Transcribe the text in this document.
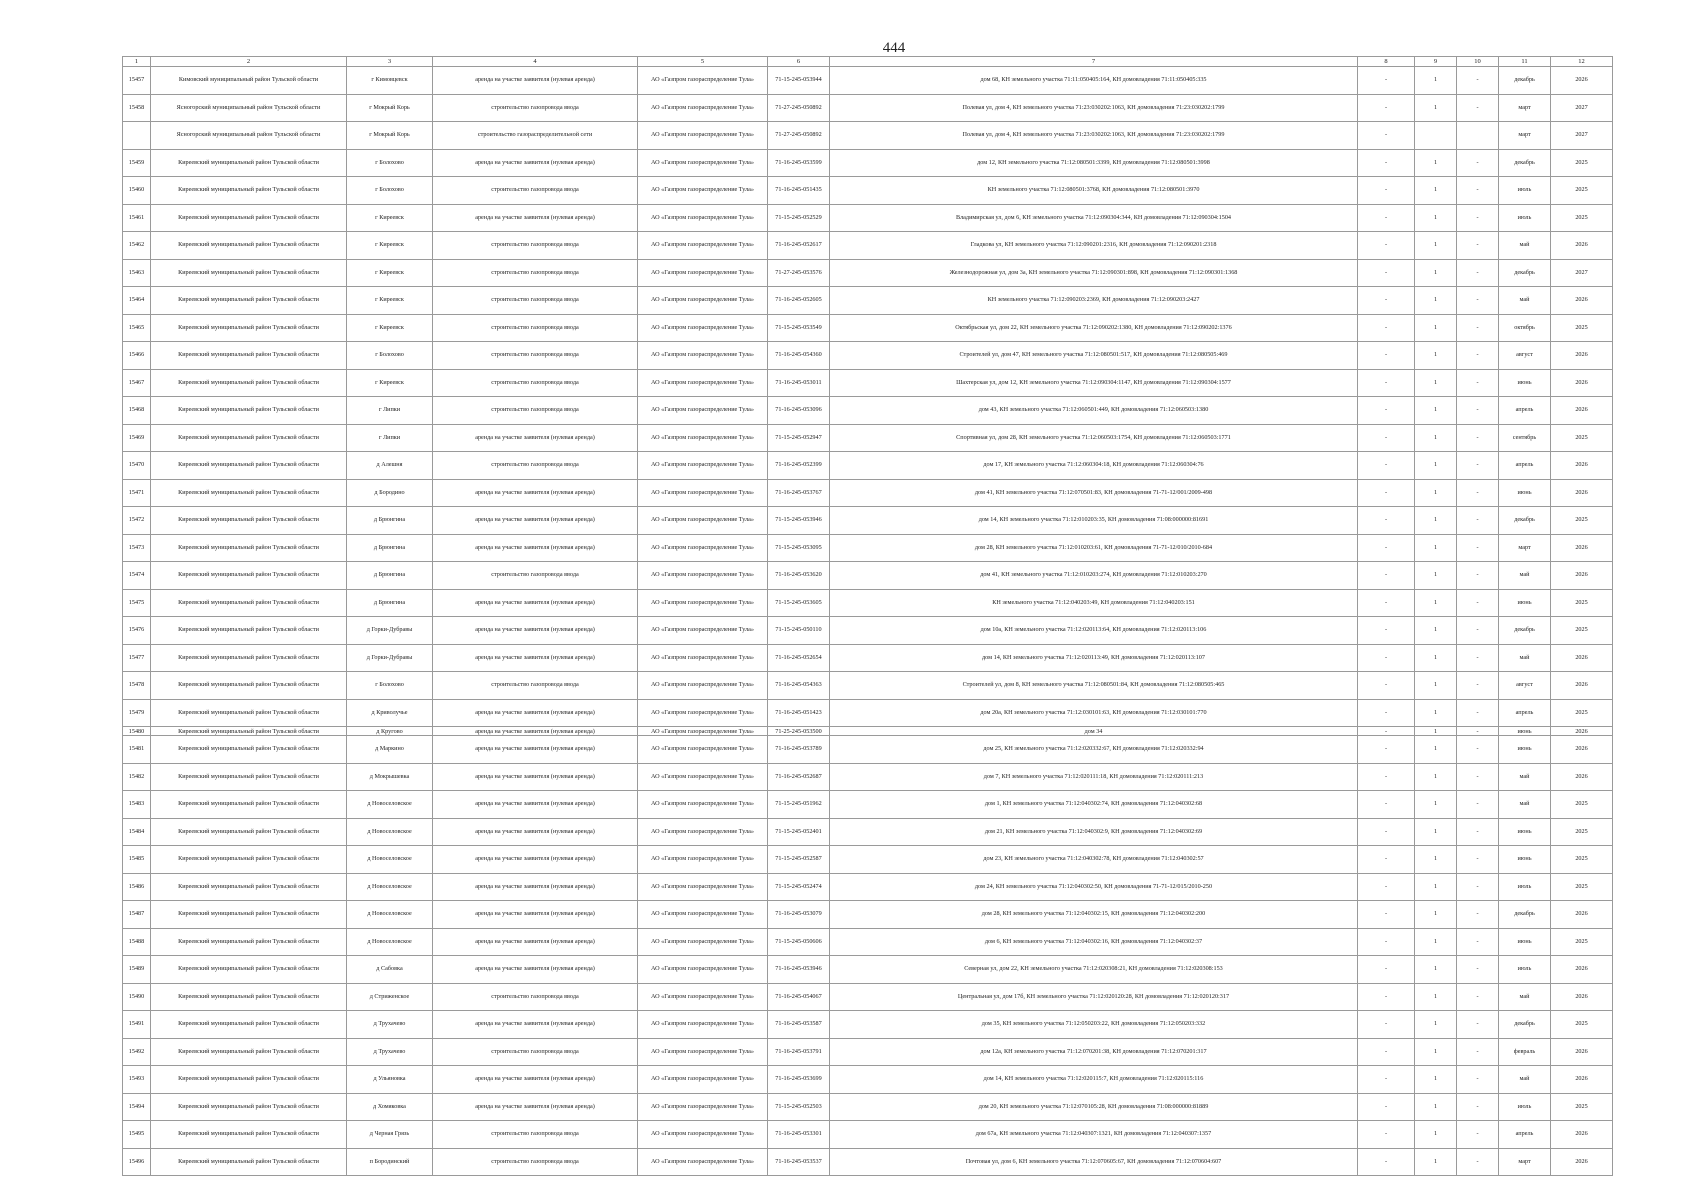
444
1	2	3	4	5	6	7	8	9	10	11	12
15457	Кимовский муниципальный район Тульской области	г Кимовцевск	аренда на участке заявителя (нулевая аренда)	АО «Газпром газораспределение Тула»	71-15-245-053944	дом 68, КН земельного участка 71:11:050405:164, КН домовладения 71:11:050405:335	-	1	-	декабрь	2026
15458	Ясногорский муниципальный район Тульской области	г Мокрый Корь	строительство газопровода ввода	АО «Газпром газораспределение Тула»	71-27-245-050892	Полевая ул, дом 4, КН земельного участка 71:23:030202:1063, КН домовладения 71:23:030202:1799	-	1	-	март	2027
	Ясногорский муниципальный район Тульской области	г Мокрый Корь	строительство газораспределительной сети	АО «Газпром газораспределение Тула»	71-27-245-050892	Полевая ул, дом 4, КН земельного участка 71:23:030202:1063, КН домовладения 71:23:030202:1799	-			март	2027
15459	Киреевский муниципальный район Тульской области	г Болохово	аренда на участке заявителя (нулевая аренда)	АО «Газпром газораспределение Тула»	71-16-245-053599	дом 12, КН земельного участка 71:12:080501:3399, КН домовладения 71:12:080501:3998	-	1	-	декабрь	2025
15460	Киреевский муниципальный район Тульской области	г Болохово	строительство газопровода ввода	АО «Газпром газораспределение Тула»	71-16-245-051435	КН земельного участка 71:12:080501:3768, КН домовладения 71:12:080501:3970	-	1	-	июль	2025
15461	Киреевский муниципальный район Тульской области	г Киреевск	аренда на участке заявителя (нулевая аренда)	АО «Газпром газораспределение Тула»	71-15-245-052529	Владимирская ул, дом 6, КН земельного участка 71:12:090304:344, КН домовладения 71:12:090304:1504	-	1	-	июль	2025
15462	Киреевский муниципальный район Тульской области	г Киреевск	строительство газопровода ввода	АО «Газпром газораспределение Тула»	71-16-245-052617	Гладкова ул, КН земельного участка 71:12:090201:2316, КН домовладения 71:12:090201:2318	-	1	-	май	2026
15463	Киреевский муниципальный район Тульской области	г Киреевск	строительство газопровода ввода	АО «Газпром газораспределение Тула»	71-27-245-053576	Железнодорожная ул, дом 3а, КН земельного участка 71:12:090301:898, КН домовладения 71:12:090301:1368	-	1	-	декабрь	2027
15464	Киреевский муниципальный район Тульской области	г Киреевск	строительство газопровода ввода	АО «Газпром газораспределение Тула»	71-16-245-052605	КН земельного участка 71:12:090203:2369, КН домовладения 71:12:090203:2427	-	1	-	май	2026
15465	Киреевский муниципальный район Тульской области	г Киреевск	строительство газопровода ввода	АО «Газпром газораспределение Тула»	71-15-245-053549	Октябрьская ул, дом 22, КН земельного участка 71:12:090202:1380, КН домовладения 71:12:090202:1376	-	1	-	октябрь	2025
15466	Киреевский муниципальный район Тульской области	г Болохово	строительство газопровода ввода	АО «Газпром газораспределение Тула»	71-16-245-054360	Строителей ул, дом 47, КН земельного участка 71:12:080501:517, КН домовладения 71:12:080505:469	-	1	-	август	2026
15467	Киреевский муниципальный район Тульской области	г Киреевск	строительство газопровода ввода	АО «Газпром газораспределение Тула»	71-16-245-053011	Шахтерская ул, дом 12, КН земельного участка 71:12:090304:1147, КН домовладения 71:12:090304:1577	-	1	-	июнь	2026
15468	Киреевский муниципальный район Тульской области	г Липки	строительство газопровода ввода	АО «Газпром газораспределение Тула»	71-16-245-053096	дом 43, КН земельного участка 71:12:060501:449, КН домовладения 71:12:060503:1380	-	1	-	апрель	2026
15469	Киреевский муниципальный район Тульской области	г Липки	аренда на участке заявителя (нулевая аренда)	АО «Газпром газораспределение Тула»	71-15-245-052947	Спортивная ул, дом 28, КН земельного участка 71:12:060503:1754, КН домовладения 71:12:060503:1771	-	1	-	сентябрь	2025
15470	Киреевский муниципальный район Тульской области	д Алешня	строительство газопровода ввода	АО «Газпром газораспределение Тула»	71-16-245-052399	дом 17, КН земельного участка 71:12:060304:18, КН домовладения 71:12:060304:76	-	1	-	апрель	2026
15471	Киреевский муниципальный район Тульской области	д Бородино	аренда на участке заявителя (нулевая аренда)	АО «Газпром газораспределение Тула»	71-16-245-053767	дом 41, КН земельного участка 71:12:070501:83, КН домовладения 71-71-12/001/2009-498	-	1	-	июнь	2026
15472	Киреевский муниципальный район Тульской области	д Брюнгина	аренда на участке заявителя (нулевая аренда)	АО «Газпром газораспределение Тула»	71-15-245-053946	дом 14, КН земельного участка 71:12:010203:35, КН домовладения 71:08:000000:81691	-	1	-	декабрь	2025
15473	Киреевский муниципальный район Тульской области	д Брюнгина	аренда на участке заявителя (нулевая аренда)	АО «Газпром газораспределение Тула»	71-15-245-053095	дом 28, КН земельного участка 71:12:010203:61, КН домовладения 71-71-12/010/2010-684	-	1	-	март	2026
15474	Киреевский муниципальный район Тульской области	д Брюнгина	строительство газопровода ввода	АО «Газпром газораспределение Тула»	71-16-245-053620	дом 41, КН земельного участка 71:12:010203:274, КН домовладения 71:12:010203:270	-	1	-	май	2026
15475	Киреевский муниципальный район Тульской области	д Брюнгина	аренда на участке заявителя (нулевая аренда)	АО «Газпром газораспределение Тула»	71-15-245-053605	КН земельного участка 71:12:040203:49, КН домовладения 71:12:040203:151	-	1	-	июнь	2025
15476	Киреевский муниципальный район Тульской области	д Горки-Дубравы	аренда на участке заявителя (нулевая аренда)	АО «Газпром газораспределение Тула»	71-15-245-050110	дом 10а, КН земельного участка 71:12:020113:64, КН домовладения 71:12:020113:106	-	1	-	декабрь	2025
15477	Киреевский муниципальный район Тульской области	д Горки-Дубравы	аренда на участке заявителя (нулевая аренда)	АО «Газпром газораспределение Тула»	71-16-245-052654	дом 14, КН земельного участка 71:12:020113:49, КН домовладения 71:12:020113:107	-	1	-	май	2026
15478	Киреевский муниципальный район Тульской области	г Болохово	строительство газопровода ввода	АО «Газпром газораспределение Тула»	71-16-245-054363	Строителей ул, дом 8, КН земельного участка 71:12:080501:84, КН домовладения 71:12:080505:465	-	1	-	август	2026
15479	Киреевский муниципальный район Тульской области	д Криволучье	аренда на участке заявителя (нулевая аренда)	АО «Газпром газораспределение Тула»	71-16-245-051423	дом 20а, КН земельного участка 71:12:030101:63, КН домовладения 71:12:030101:770	-	1	-	апрель	2025
15480	Киреевский муниципальный район Тульской области	д Кругово	аренда на участке заявителя (нулевая аренда)	АО «Газпром газораспределение Тула»	71-25-245-053500	дом 34	-	1	-	июнь	2026
15481	Киреевский муниципальный район Тульской области	д Маркино	аренда на участке заявителя (нулевая аренда)	АО «Газпром газораспределение Тула»	71-16-245-053789	дом 25, КН земельного участка 71:12:020332:67, КН домовладения 71:12:020332:94	-	1	-	июнь	2026
15482	Киреевский муниципальный район Тульской области	д Мокрышевка	аренда на участке заявителя (нулевая аренда)	АО «Газпром газораспределение Тула»	71-16-245-052687	дом 7, КН земельного участка 71:12:020111:18, КН домовладения 71:12:020111:213	-	1	-	май	2026
15483	Киреевский муниципальный район Тульской области	д Новоселовское	аренда на участке заявителя (нулевая аренда)	АО «Газпром газораспределение Тула»	71-15-245-051962	дом 1, КН земельного участка 71:12:040302:74, КН домовладения 71:12:040302:68	-	1	-	май	2025
15484	Киреевский муниципальный район Тульской области	д Новоселовское	аренда на участке заявителя (нулевая аренда)	АО «Газпром газораспределение Тула»	71-15-245-052401	дом 21, КН земельного участка 71:12:040302:9, КН домовладения 71:12:040302:69	-	1	-	июнь	2025
15485	Киреевский муниципальный район Тульской области	д Новоселовское	аренда на участке заявителя (нулевая аренда)	АО «Газпром газораспределение Тула»	71-15-245-052587	дом 23, КН земельного участка 71:12:040302:78, КН домовладения 71:12:040302:57	-	1	-	июнь	2025
15486	Киреевский муниципальный район Тульской области	д Новоселовское	аренда на участке заявителя (нулевая аренда)	АО «Газпром газораспределение Тула»	71-15-245-052474	дом 24, КН земельного участка 71:12:040302:50, КН домовладения 71-71-12/015/2010-250	-	1	-	июль	2025
15487	Киреевский муниципальный район Тульской области	д Новоселовское	аренда на участке заявителя (нулевая аренда)	АО «Газпром газораспределение Тула»	71-16-245-053079	дом 28, КН земельного участка 71:12:040302:15, КН домовладения 71:12:040302:200	-	1	-	декабрь	2026
15488	Киреевский муниципальный район Тульской области	д Новоселовское	аренда на участке заявителя (нулевая аренда)	АО «Газпром газораспределение Тула»	71-15-245-050606	дом 6, КН земельного участка 71:12:040302:16, КН домовладения 71:12:040302:37	-	1	-	июнь	2025
15489	Киреевский муниципальный район Тульской области	д Сабовка	аренда на участке заявителя (нулевая аренда)	АО «Газпром газораспределение Тула»	71-16-245-053946	Северная ул, дом 22, КН земельного участка 71:12:020308:21, КН домовладения 71:12:020308:153	-	1	-	июль	2026
15490	Киреевский муниципальный район Тульской области	д Стриженское	строительство газопровода ввода	АО «Газпром газораспределение Тула»	71-16-245-054067	Центральная ул, дом 17б, КН земельного участка 71:12:020120:28, КН домовладения 71:12:020120:317	-	1	-	май	2026
15491	Киреевский муниципальный район Тульской области	д Трухачево	аренда на участке заявителя (нулевая аренда)	АО «Газпром газораспределение Тула»	71-16-245-053587	дом 35, КН земельного участка 71:12:050203:22, КН домовладения 71:12:050203:332	-	1	-	декабрь	2025
15492	Киреевский муниципальный район Тульской области	д Трухачево	строительство газопровода ввода	АО «Газпром газораспределение Тула»	71-16-245-053791	дом 12а, КН земельного участка 71:12:070201:38, КН домовладения 71:12:070201:317	-	1	-	февраль	2026
15493	Киреевский муниципальный район Тульской области	д Ульяновка	аренда на участке заявителя (нулевая аренда)	АО «Газпром газораспределение Тула»	71-16-245-053699	дом 14, КН земельного участка 71:12:020115:7, КН домовладения 71:12:020115:116	-	1	-	май	2026
15494	Киреевский муниципальный район Тульской области	д Хомяковка	аренда на участке заявителя (нулевая аренда)	АО «Газпром газораспределение Тула»	71-15-245-052503	дом 20, КН земельного участка 71:12:070105:28, КН домовладения 71:08:000000:81889	-	1	-	июль	2025
15495	Киреевский муниципальный район Тульской области	д Черная Грязь	строительство газопровода ввода	АО «Газпром газораспределение Тула»	71-16-245-053301	дом 67а, КН земельного участка 71:12:040307:1321, КН домовладения 71:12:040307:1357	-	1	-	апрель	2026
15496	Киреевский муниципальный район Тульской области	п Бородинский	строительство газопровода ввода	АО «Газпром газораспределение Тула»	71-16-245-053537	Почтовая ул, дом 6, КН земельного участка 71:12:070605:67, КН домовладения 71:12:070604:607	-	1	-	март	2026
